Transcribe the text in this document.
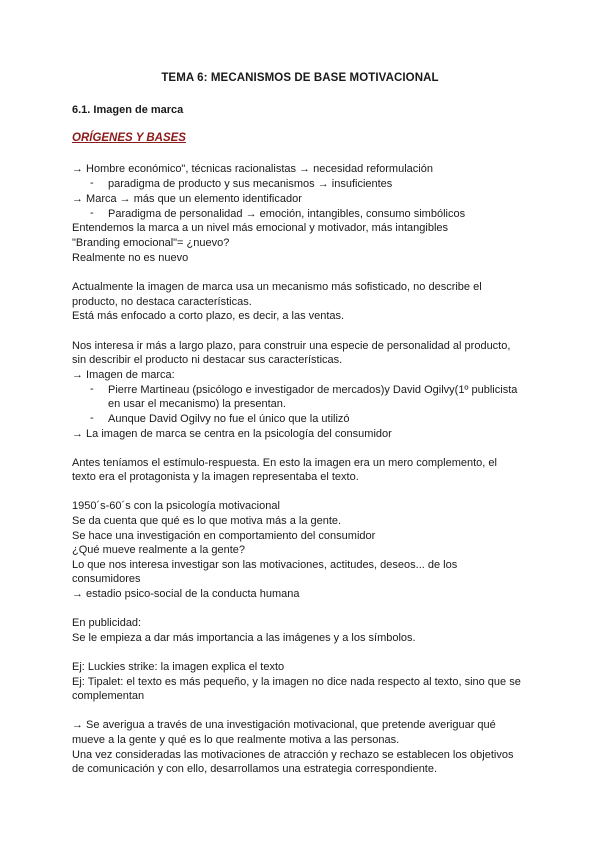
TEMA 6: MECANISMOS DE BASE MOTIVACIONAL
6.1. Imagen de marca
ORÍGENES Y BASES
→ Hombre económico", técnicas racionalistas → necesidad reformulación
- paradigma de producto y sus mecanismos → insuficientes
→ Marca → más que un elemento identificador
- Paradigma de personalidad → emoción, intangibles, consumo simbólicos
Entendemos la marca a un nivel más emocional y motivador, más intangibles
"Branding emocional"= ¿nuevo?
Realmente no es nuevo
Actualmente la imagen de marca usa un mecanismo más sofisticado, no describe el
producto, no destaca características.
Está más enfocado a corto plazo, es decir, a las ventas.
Nos interesa ir más a largo plazo, para construir una especie de personalidad al producto,
sin describir el producto ni destacar sus características.
→ Imagen de marca:
- Pierre Martineau (psicólogo e investigador de mercados)y David Ogilvy(1º publicista
en usar el mecanismo) la presentan.
- Aunque David Ogilvy no fue el único que la utilizó
→ La imagen de marca se centra en la psicología del consumidor
Antes teníamos el estímulo-respuesta. En esto la imagen era un mero complemento, el
texto era el protagonista y la imagen representaba el texto.
1950´s-60´s con la psicología motivacional
Se da cuenta que qué es lo que motiva más a la gente.
Se hace una investigación en comportamiento del consumidor
¿Qué mueve realmente a la gente?
Lo que nos interesa investigar son las motivaciones, actitudes, deseos... de los
consumidores
→ estadio psico-social de la conducta humana
En publicidad:
Se le empieza a dar más importancia a las imágenes y a los símbolos.
Ej: Luckies strike: la imagen explica el texto
Ej: Tipalet: el texto es más pequeño, y la imagen no dice nada respecto al texto, sino que se
complementan
→ Se averigua a través de una investigación motivacional, que pretende averiguar qué
mueve a la gente y qué es lo que realmente motiva a las personas.
Una vez consideradas las motivaciones de atracción y rechazo se establecen los objetivos
de comunicación y con ello, desarrollamos una estrategia correspondiente.
